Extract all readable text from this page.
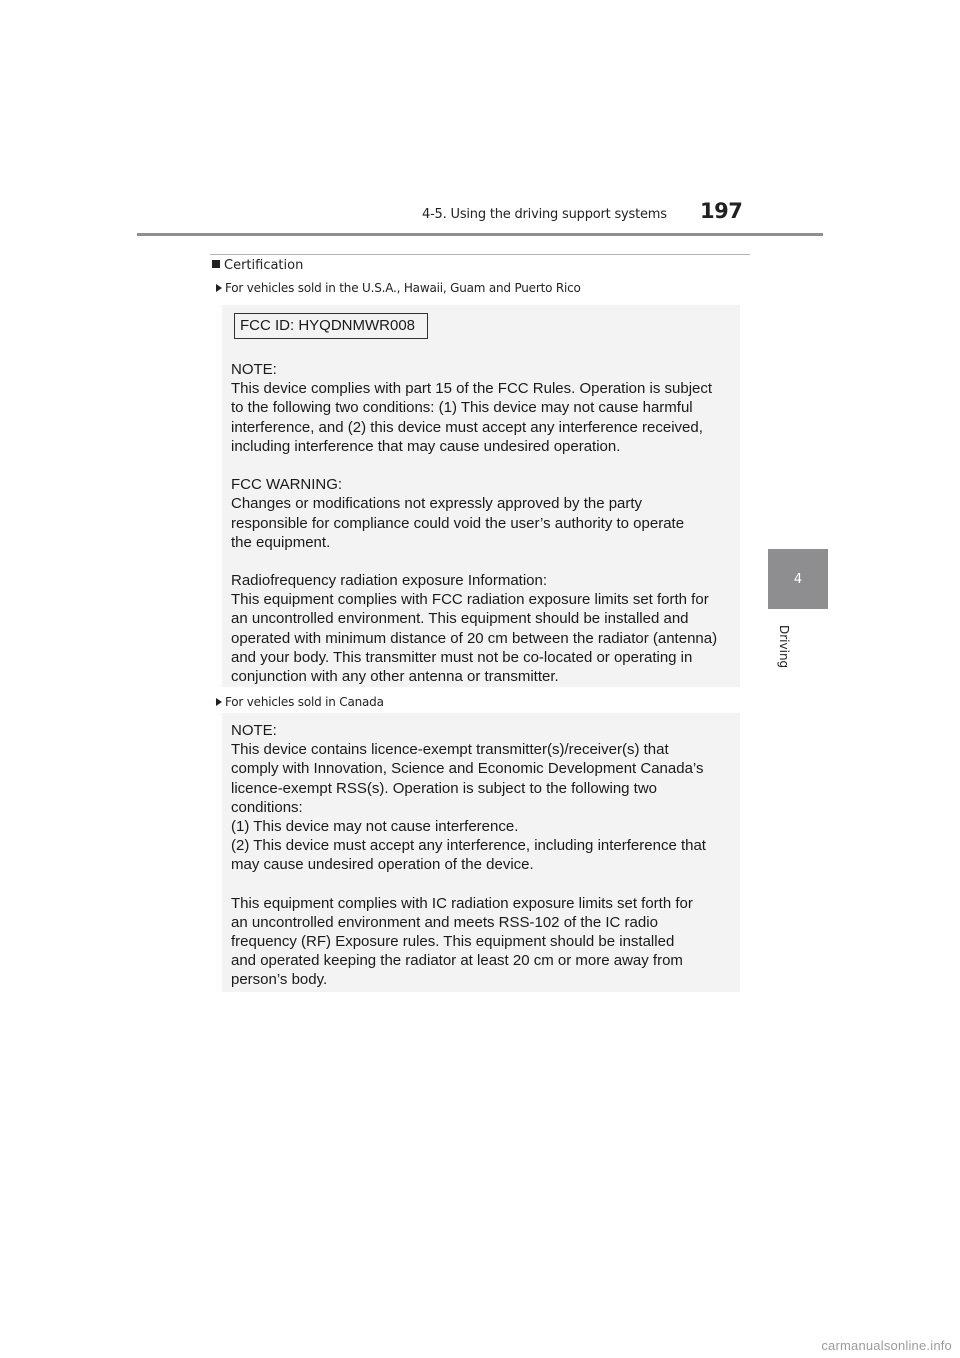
4-5. Using the driving support systems 197
4
Driving
Certification
For vehicles sold in the U.S.A., Hawaii, Guam and Puerto Rico
FCC ID: HYQDNMWR008
NOTE:
This device complies with part 15 of the FCC Rules. Operation is subject
to the following two conditions: (1) This device may not cause harmful
interference, and (2) this device must accept any interference received,
including interference that may cause undesired operation.
FCC WARNING:
Changes or modifications not expressly approved by the party
responsible for compliance could void the user’s authority to operate
the equipment.
Radiofrequency radiation exposure Information:
This equipment complies with FCC radiation exposure limits set forth for
an uncontrolled environment. This equipment should be installed and
operated with minimum distance of 20 cm between the radiator (antenna)
and your body. This transmitter must not be co-located or operating in
conjunction with any other antenna or transmitter.
For vehicles sold in Canada
NOTE:
This device contains licence-exempt transmitter(s)/receiver(s) that
comply with Innovation, Science and Economic Development Canada’s
licence-exempt RSS(s). Operation is subject to the following two
conditions:
(1) This device may not cause interference.
(2) This device must accept any interference, including interference that
may cause undesired operation of the device.
This equipment complies with IC radiation exposure limits set forth for
an uncontrolled environment and meets RSS-102 of the IC radio
frequency (RF) Exposure rules. This equipment should be installed
and operated keeping the radiator at least 20 cm or more away from
person’s body.
carmanualsonline.info
